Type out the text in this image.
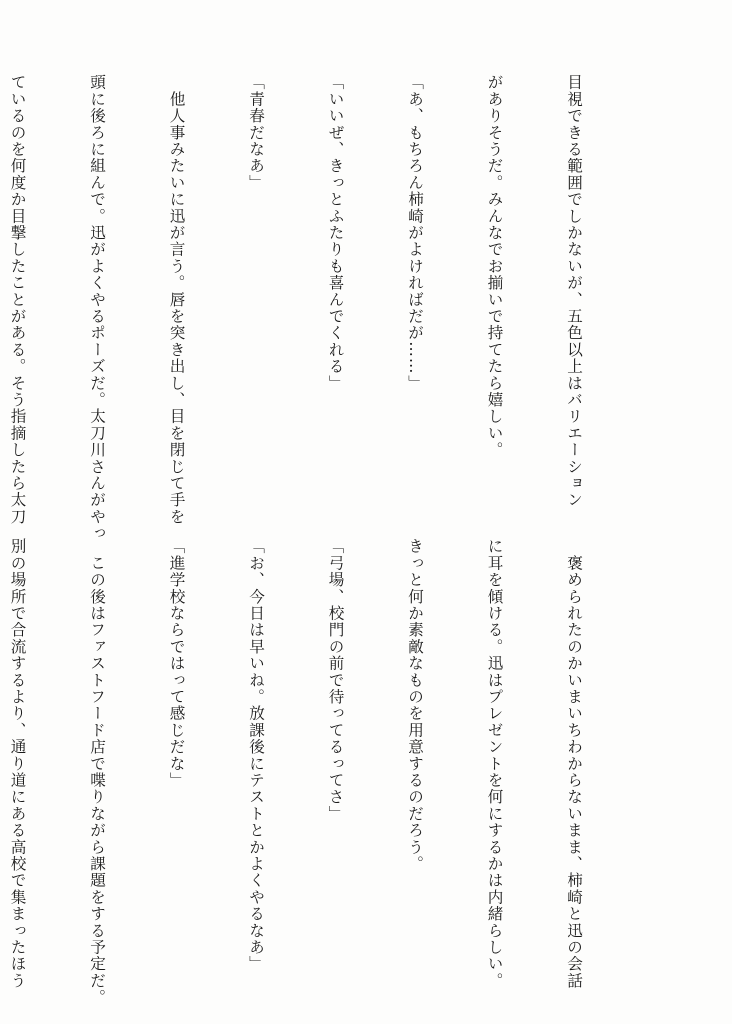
目視できる範囲でしかないが、五色以上はバリエーション

がありそうだ。みんなでお揃いで持てたら嬉しい。

「あ、もちろん柿崎がよければだが……」

「いいぜ、きっとふたりも喜んでくれる」

「青春だなあ」

　他人事みたいに迅が言う。唇を突き出し、目を閉じて手を

頭に後ろに組んで。迅がよくやるポーズだ。太刀川さんがやっ

ているのを何度か目撃したことがある。そう指摘したら太刀

　褒められたのかいまいちわからないまま、柿崎と迅の会話

に耳を傾ける。迅はプレゼントを何にするかは内緒らしい。

きっと何か素敵なものを用意するのだろう。

「弓場、校門の前で待ってるってさ」

「お、今日は早いね。放課後にテストとかよくやるなあ」

「進学校ならではって感じだな」

　この後はファストフード店で喋りながら課題をする予定だ。

別の場所で合流するより、通り道にある高校で集まったほう
